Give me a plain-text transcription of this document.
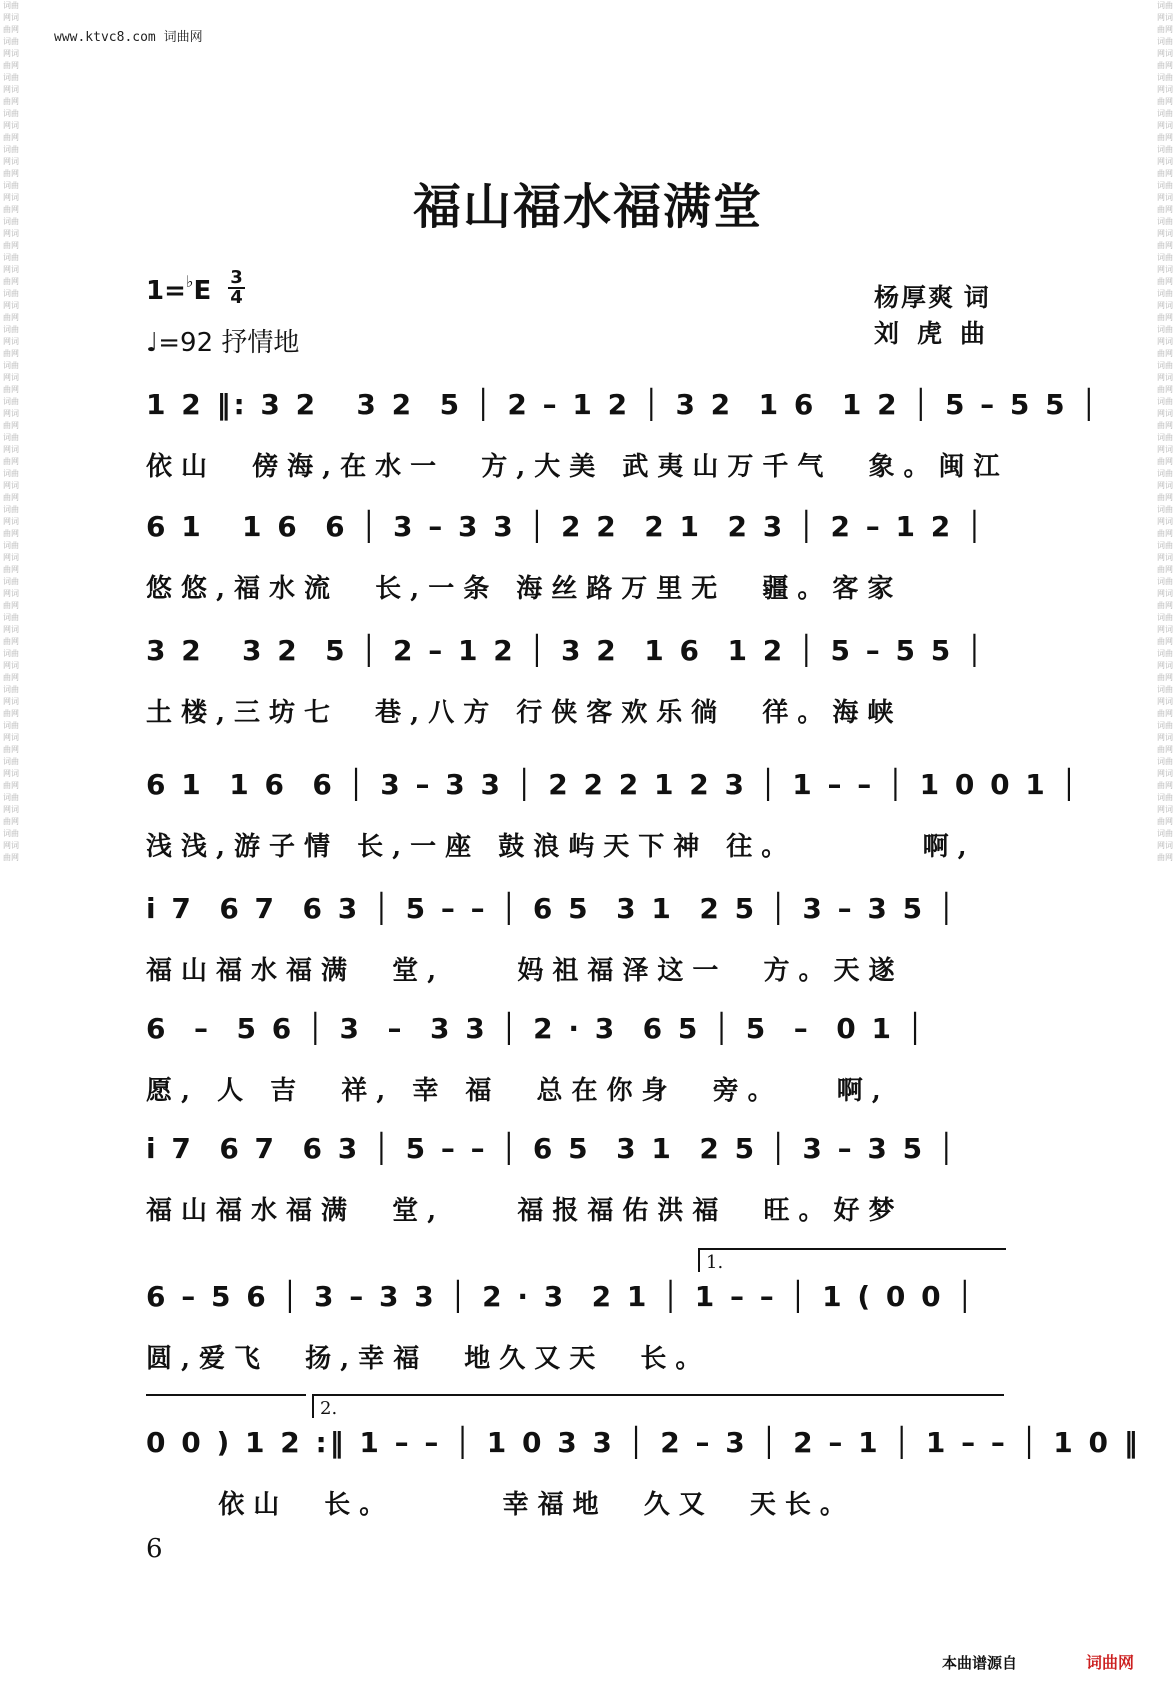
词曲网词曲网词曲网词曲网词曲网词曲网词曲网词曲网词曲网词曲网词曲网词曲网词曲网词曲网词曲网词曲网词曲网词曲网词曲网词曲网词曲网词曲网词曲网词曲网词曲网词曲网词曲网词曲网词曲网词曲网词曲网词曲网词曲网词曲网词曲网词曲网词曲网词曲网词曲网词曲网词曲网词曲网词曲网词曲网词曲网词曲网词曲网词曲网
词曲网词曲网词曲网词曲网词曲网词曲网词曲网词曲网词曲网词曲网词曲网词曲网词曲网词曲网词曲网词曲网词曲网词曲网词曲网词曲网词曲网词曲网词曲网词曲网词曲网词曲网词曲网词曲网词曲网词曲网词曲网词曲网词曲网词曲网词曲网词曲网词曲网词曲网词曲网词曲网词曲网词曲网词曲网词曲网词曲网词曲网词曲网词曲网
www.ktvc8.com 词曲网
福山福水福满堂
$1=^♭E \frac{3}{4}$
♩=92 抒情地
杨厚爽 词
刘虎曲
1 2 ‖: 3 2   3 2  5 │ 2 – 1 2 │ 3 2  1 6  1 2 │ 5 – 5 5 │
依山  傍海,在水一  方,大美 武夷山万千气  象。闽江
6 1   1 6  6 │ 3 – 3 3 │ 2 2  2 1  2 3 │ 2 – 1 2 │
悠悠,福水流  长,一条 海丝路万里无  疆。客家
3 2   3 2  5 │ 2 – 1 2 │ 3 2  1 6  1 2 │ 5 – 5 5 │
土楼,三坊七  巷,八方 行侠客欢乐徜  徉。海峡
6 1  1 6  6 │ 3 – 3 3 │ 2 2 2 1 2 3 │ 1 – – │ 1 0 0 1 │
浅浅,游子情 长,一座 鼓浪屿天下神 往。       啊,
i 7  6 7  6 3 │ 5 – – │ 6 5  3 1  2 5 │ 3 – 3 5 │
福山福水福满  堂,    妈祖福泽这一  方。天遂
6  –  5 6 │ 3  –  3 3 │ 2 · 3  6 5 │ 5  –  0 1 │
愿, 人 吉  祥, 幸 福  总在你身  旁。   啊,
i 7  6 7  6 3 │ 5 – – │ 6 5  3 1  2 5 │ 3 – 3 5 │
福山福水福满  堂,    福报福佑洪福  旺。好梦
1.
6 – 5 6 │ 3 – 3 3 │ 2 · 3  2 1 │ 1 – – │ 1 ( 0 0 │
圆,爱飞  扬,幸福  地久又天  长。
2.
0 0 ) 1 2 :‖ 1 – – │ 1 0 3 3 │ 2 – 3 │ 2 – 1 │ 1 – – │ 1 0 ‖
依山  长。      幸福地  久又  天长。
6
本曲谱源自	词曲网
